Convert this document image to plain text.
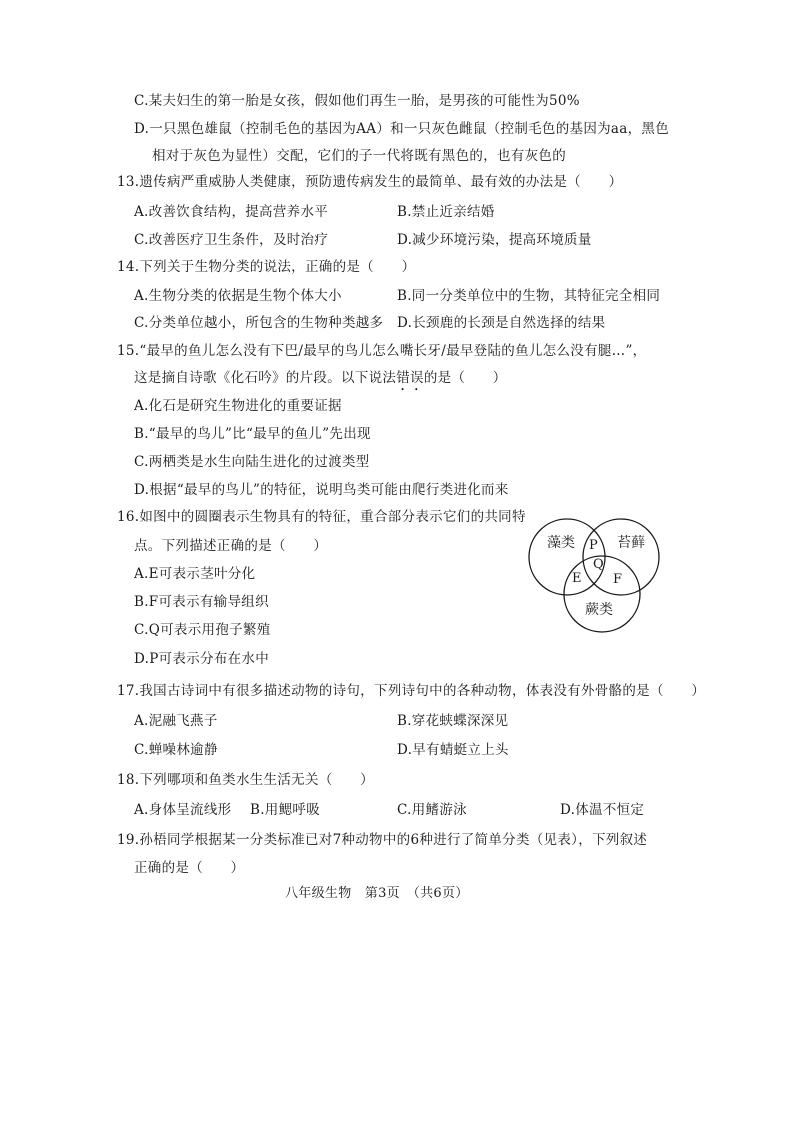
C.某夫妇生的第一胎是女孩，假如他们再生一胎，是男孩的可能性为50%
D.一只黑色雄鼠（控制毛色的基因为AA）和一只灰色雌鼠（控制毛色的基因为aa，黑色
相对于灰色为显性）交配，它们的子一代将既有黑色的，也有灰色的
13.遗传病严重威胁人类健康，预防遗传病发生的最简单、最有效的办法是（　　）
A.改善饮食结构，提高营养水平	B.禁止近亲结婚
C.改善医疗卫生条件，及时治疗	D.减少环境污染，提高环境质量
14.下列关于生物分类的说法，正确的是（　　）
A.生物分类的依据是生物个体大小	B.同一分类单位中的生物，其特征完全相同
C.分类单位越小，所包含的生物种类越多 D.长颈鹿的长颈是自然选择的结果
15.“最早的鱼儿怎么没有下巴/最早的鸟儿怎么嘴长牙/最早登陆的鱼儿怎么没有腿…”，
这是摘自诗歌《化石吟》的片段。以下说法错误的是（　　）
A.化石是研究生物进化的重要证据
B.“最早的鸟儿”比“最早的鱼儿”先出现
C.两栖类是水生向陆生进化的过渡类型
D.根据“最早的鸟儿”的特征，说明鸟类可能由爬行类进化而来
16.如图中的圆圈表示生物具有的特征，重合部分表示它们的共同特
点。下列描述正确的是（　　）
A.E可表示茎叶分化
B.F可表示有输导组织
C.Q可表示用孢子繁殖
D.P可表示分布在水中
藻类	苔藓
蕨类
P
Q
E F
17.我国古诗词中有很多描述动物的诗句，下列诗句中的各种动物，体表没有外骨骼的是（　　）
A.泥融飞燕子	B.穿花蛱蝶深深见
C.蝉噪林逾静	D.早有蜻蜓立上头
18.下列哪项和鱼类水生生活无关（　　）
A.身体呈流线形 B.用鳃呼吸	C.用鳍游泳	D.体温不恒定
19.孙梧同学根据某一分类标准已对7种动物中的6种进行了简单分类（见表），下列叙述
正确的是（　　）
八年级生物　第3页　（共6页）
